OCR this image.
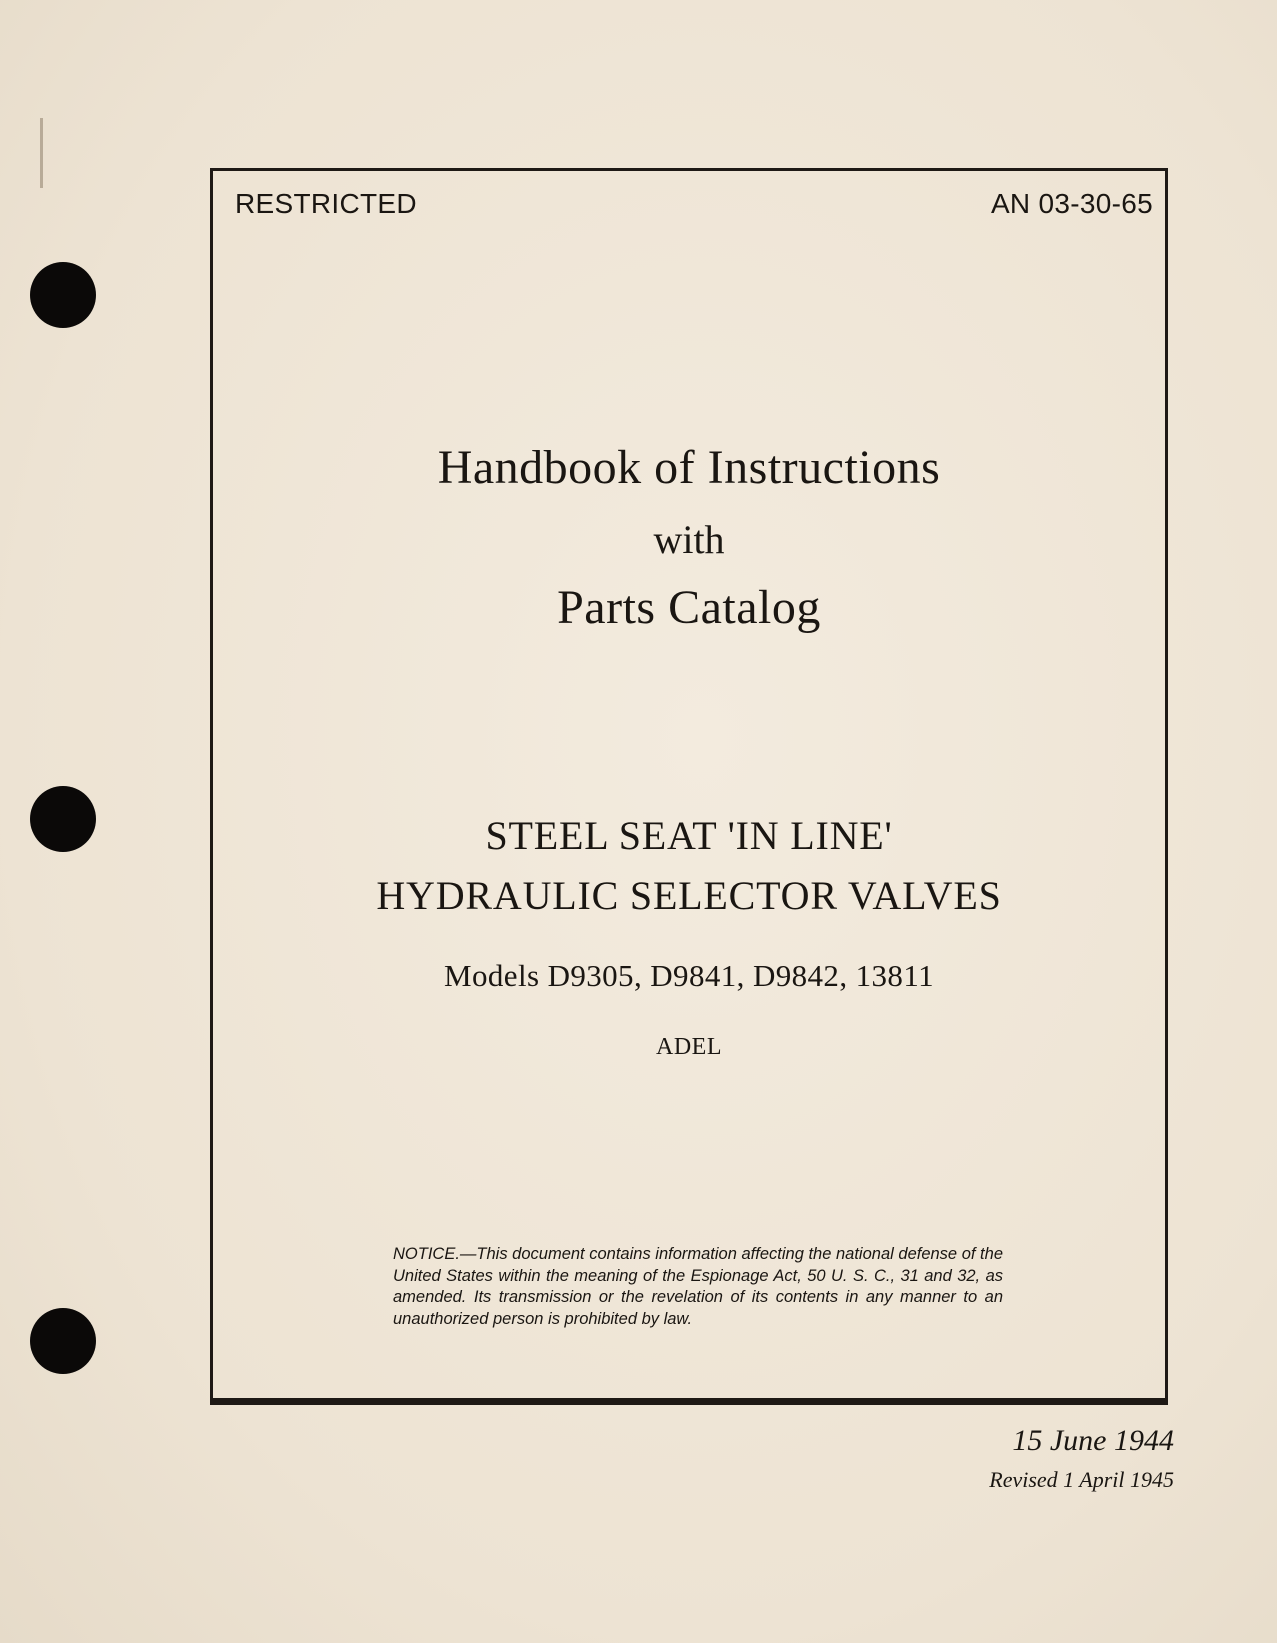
RESTRICTED	AN 03-30-65
Handbook of Instructions
with
Parts Catalog
STEEL SEAT 'IN LINE'
HYDRAULIC SELECTOR VALVES
Models D9305, D9841, D9842, 13811
ADEL
NOTICE.—This document contains information affecting the national defense of the United States within the meaning of the Espionage Act, 50 U. S. C., 31 and 32, as amended. Its transmission or the revelation of its contents in any manner to an unauthorized person is prohibited by law.
15 June 1944
Revised 1 April 1945
